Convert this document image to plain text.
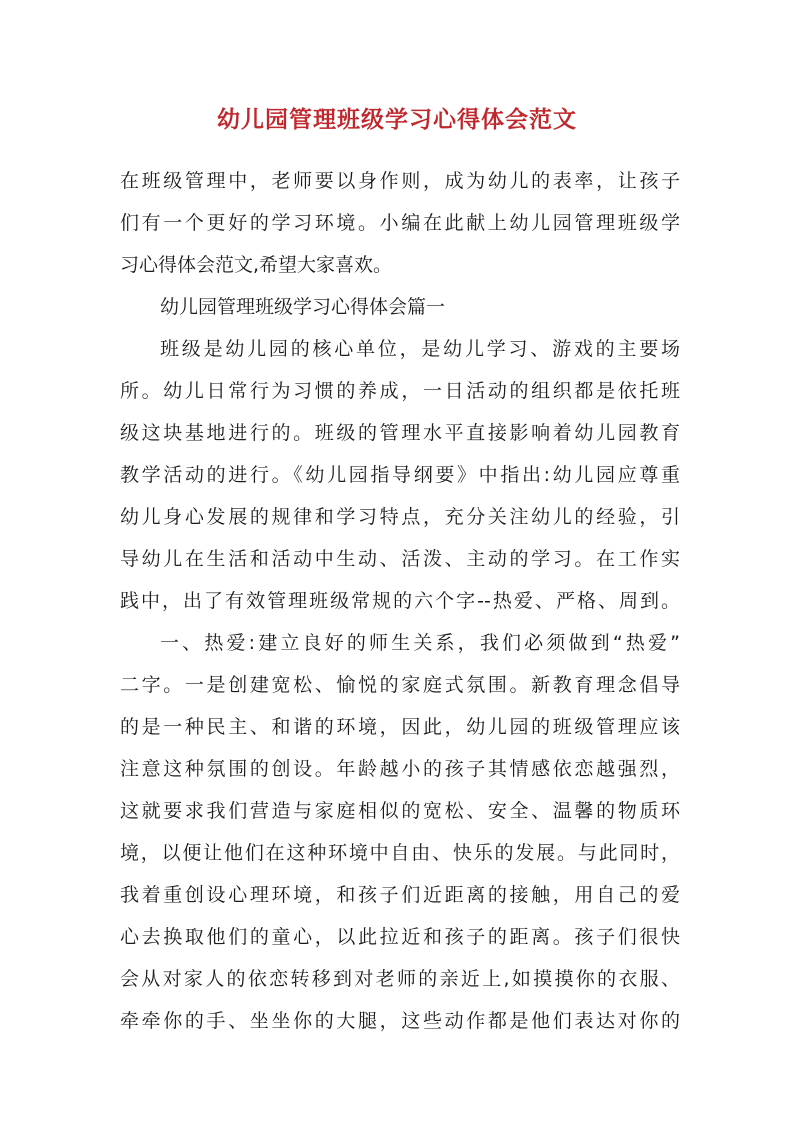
幼儿园管理班级学习心得体会范文
在班级管理中，老师要以身作则，成为幼儿的表率，让孩子
们有一个更好的学习环境。小编在此献上幼儿园管理班级学
习心得体会范文,希望大家喜欢。
幼儿园管理班级学习心得体会篇一
班级是幼儿园的核心单位，是幼儿学习、游戏的主要场
所。幼儿日常行为习惯的养成，一日活动的组织都是依托班
级这块基地进行的。班级的管理水平直接影响着幼儿园教育
教学活动的进行。《幼儿园指导纲要》中指出:幼儿园应尊重
幼儿身心发展的规律和学习特点，充分关注幼儿的经验，引
导幼儿在生活和活动中生动、活泼、主动的学习。在工作实
践中，出了有效管理班级常规的六个字--热爱、严格、周到。
一、热爱:建立良好的师生关系，我们必须做到“热爱”
二字。一是创建宽松、愉悦的家庭式氛围。新教育理念倡导
的是一种民主、和谐的环境，因此，幼儿园的班级管理应该
注意这种氛围的创设。年龄越小的孩子其情感依恋越强烈，
这就要求我们营造与家庭相似的宽松、安全、温馨的物质环
境，以便让他们在这种环境中自由、快乐的发展。与此同时，
我着重创设心理环境，和孩子们近距离的接触，用自己的爱
心去换取他们的童心，以此拉近和孩子的距离。孩子们很快
会从对家人的依恋转移到对老师的亲近上,如摸摸你的衣服、
牵牵你的手、坐坐你的大腿，这些动作都是他们表达对你的
